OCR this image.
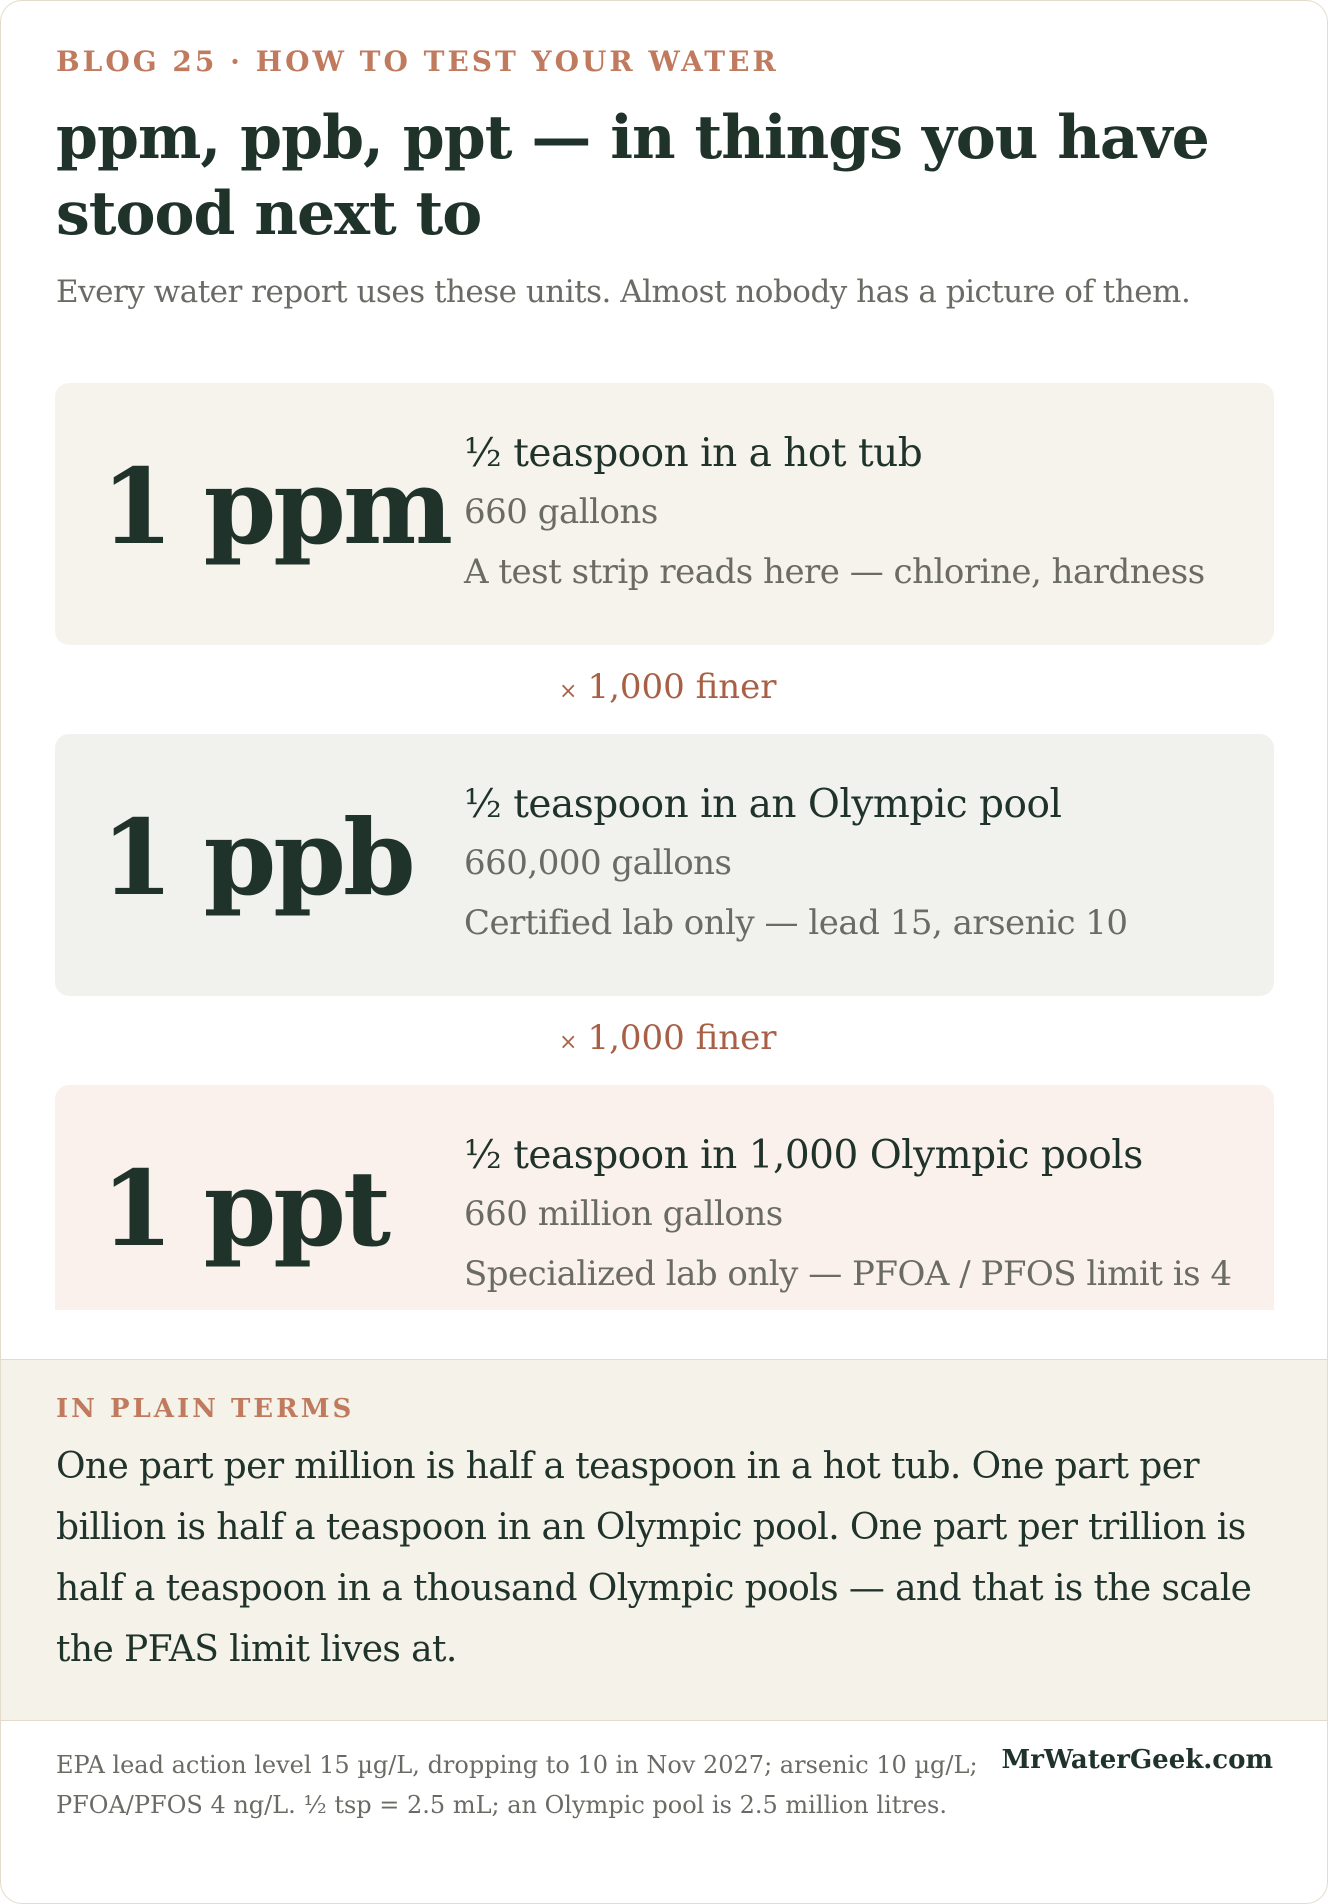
BLOG 25 · HOW TO TEST YOUR WATER

ppm, ppb, ppt — in things you have stood next to

Every water report uses these units. Almost nobody has a picture of them.

1 ppm ½ teaspoon in a hot tub
660 gallons
A test strip reads here — chlorine, hardness
× 1,000 finer
1 ppb ½ teaspoon in an Olympic pool
660,000 gallons
Certified lab only — lead 15, arsenic 10
× 1,000 finer
1 ppt ½ teaspoon in 1,000 Olympic pools
660 million gallons
Specialized lab only — PFOA / PFOS limit is 4

IN PLAIN TERMS

One part per million is half a teaspoon in a hot tub. One part per billion is half a teaspoon in an Olympic pool. One part per trillion is half a teaspoon in a thousand Olympic pools — and that is the scale the PFAS limit lives at.

EPA lead action level 15 µg/L, dropping to 10 in Nov 2027; arsenic 10 µg/L; PFOA/PFOS 4 ng/L. ½ tsp = 2.5 mL; an Olympic pool is 2.5 million litres.

MrWaterGeek.com
